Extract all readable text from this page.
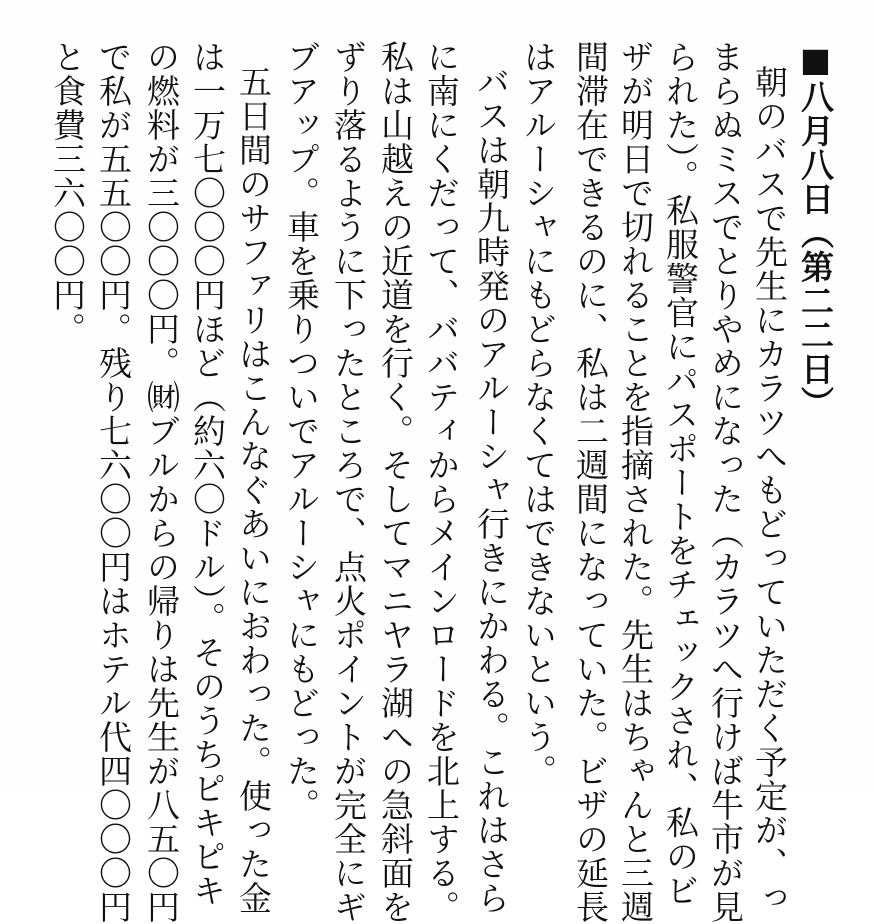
■八月八日（第二二日）
朝のバスで先生にカラツへもどっていただく予定が、っ
まらぬミスでとりやめになった（カラツへ行けば牛市が見
られた）。私服警官にパスポートをチェックされ、私のビ
ザが明日で切れることを指摘された。先生はちゃんと三週
間滞在できるのに、私は二週間になっていた。ビザの延長
はアルーシャにもどらなくてはできないという。
バスは朝九時発のアルーシャ行きにかわる。これはさら
に南にくだって、ババティからメインロードを北上する。
私は山越えの近道を行く。そしてマニヤラ湖への急斜面を
ずり落るように下ったところで、点火ポイントが完全にギ
ブアップ。車を乗りついでアルーシャにもどった。
五日間のサファリはこんなぐあいにおわった。使った金
は一万七〇〇〇円ほど（約六〇ドル）。そのうちピキピキ
の燃料が三〇〇〇円。㈶ブルからの帰りは先生が八五〇円
で私が五五〇〇円。残り七六〇〇円はホテル代四〇〇〇円
と食費三六〇〇円。
